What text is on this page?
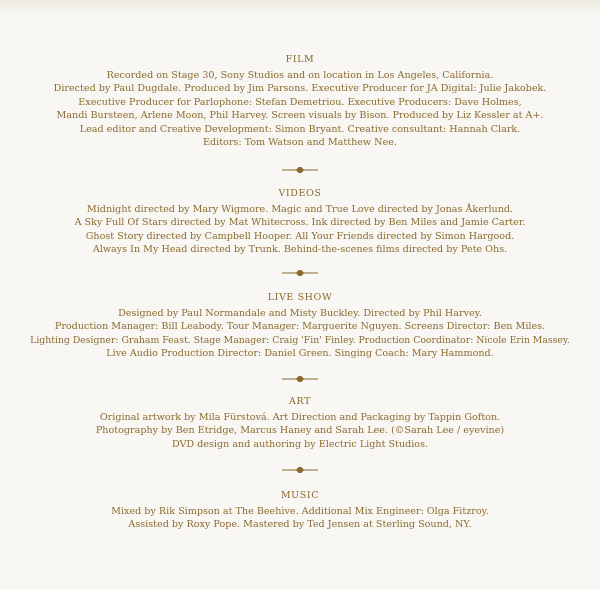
FILM
Recorded on Stage 30, Sony Studios and on location in Los Angeles, California.
Directed by Paul Dugdale. Produced by Jim Parsons. Executive Producer for JA Digital: Julie Jakobek.
Executive Producer for Parlophone: Stefan Demetriou. Executive Producers: Dave Holmes,
Mandi Bursteen, Arlene Moon, Phil Harvey. Screen visuals by Bison. Produced by Liz Kessler at A+.
Lead editor and Creative Development: Simon Bryant. Creative consultant: Hannah Clark.
Editors: Tom Watson and Matthew Nee.
VIDEOS
Midnight directed by Mary Wigmore. Magic and True Love directed by Jonas Åkerlund.
A Sky Full Of Stars directed by Mat Whitecross. Ink directed by Ben Miles and Jamie Carter.
Ghost Story directed by Campbell Hooper. All Your Friends directed by Simon Hargood.
Always In My Head directed by Trunk. Behind-the-scenes films directed by Pete Ohs.
LIVE SHOW
Designed by Paul Normandale and Misty Buckley. Directed by Phil Harvey.
Production Manager: Bill Leabody. Tour Manager: Marguerite Nguyen. Screens Director: Ben Miles.
Lighting Designer: Graham Feast. Stage Manager: Craig 'Fin' Finley. Production Coordinator: Nicole Erin Massey.
Live Audio Production Director: Daniel Green. Singing Coach: Mary Hammond.
ART
Original artwork by Mila Fürstová. Art Direction and Packaging by Tappin Gofton.
Photography by Ben Etridge, Marcus Haney and Sarah Lee. (©Sarah Lee / eyevine)
DVD design and authoring by Electric Light Studios.
MUSIC
Mixed by Rik Simpson at The Beehive. Additional Mix Engineer: Olga Fitzroy.
Assisted by Roxy Pope. Mastered by Ted Jensen at Sterling Sound, NY.
